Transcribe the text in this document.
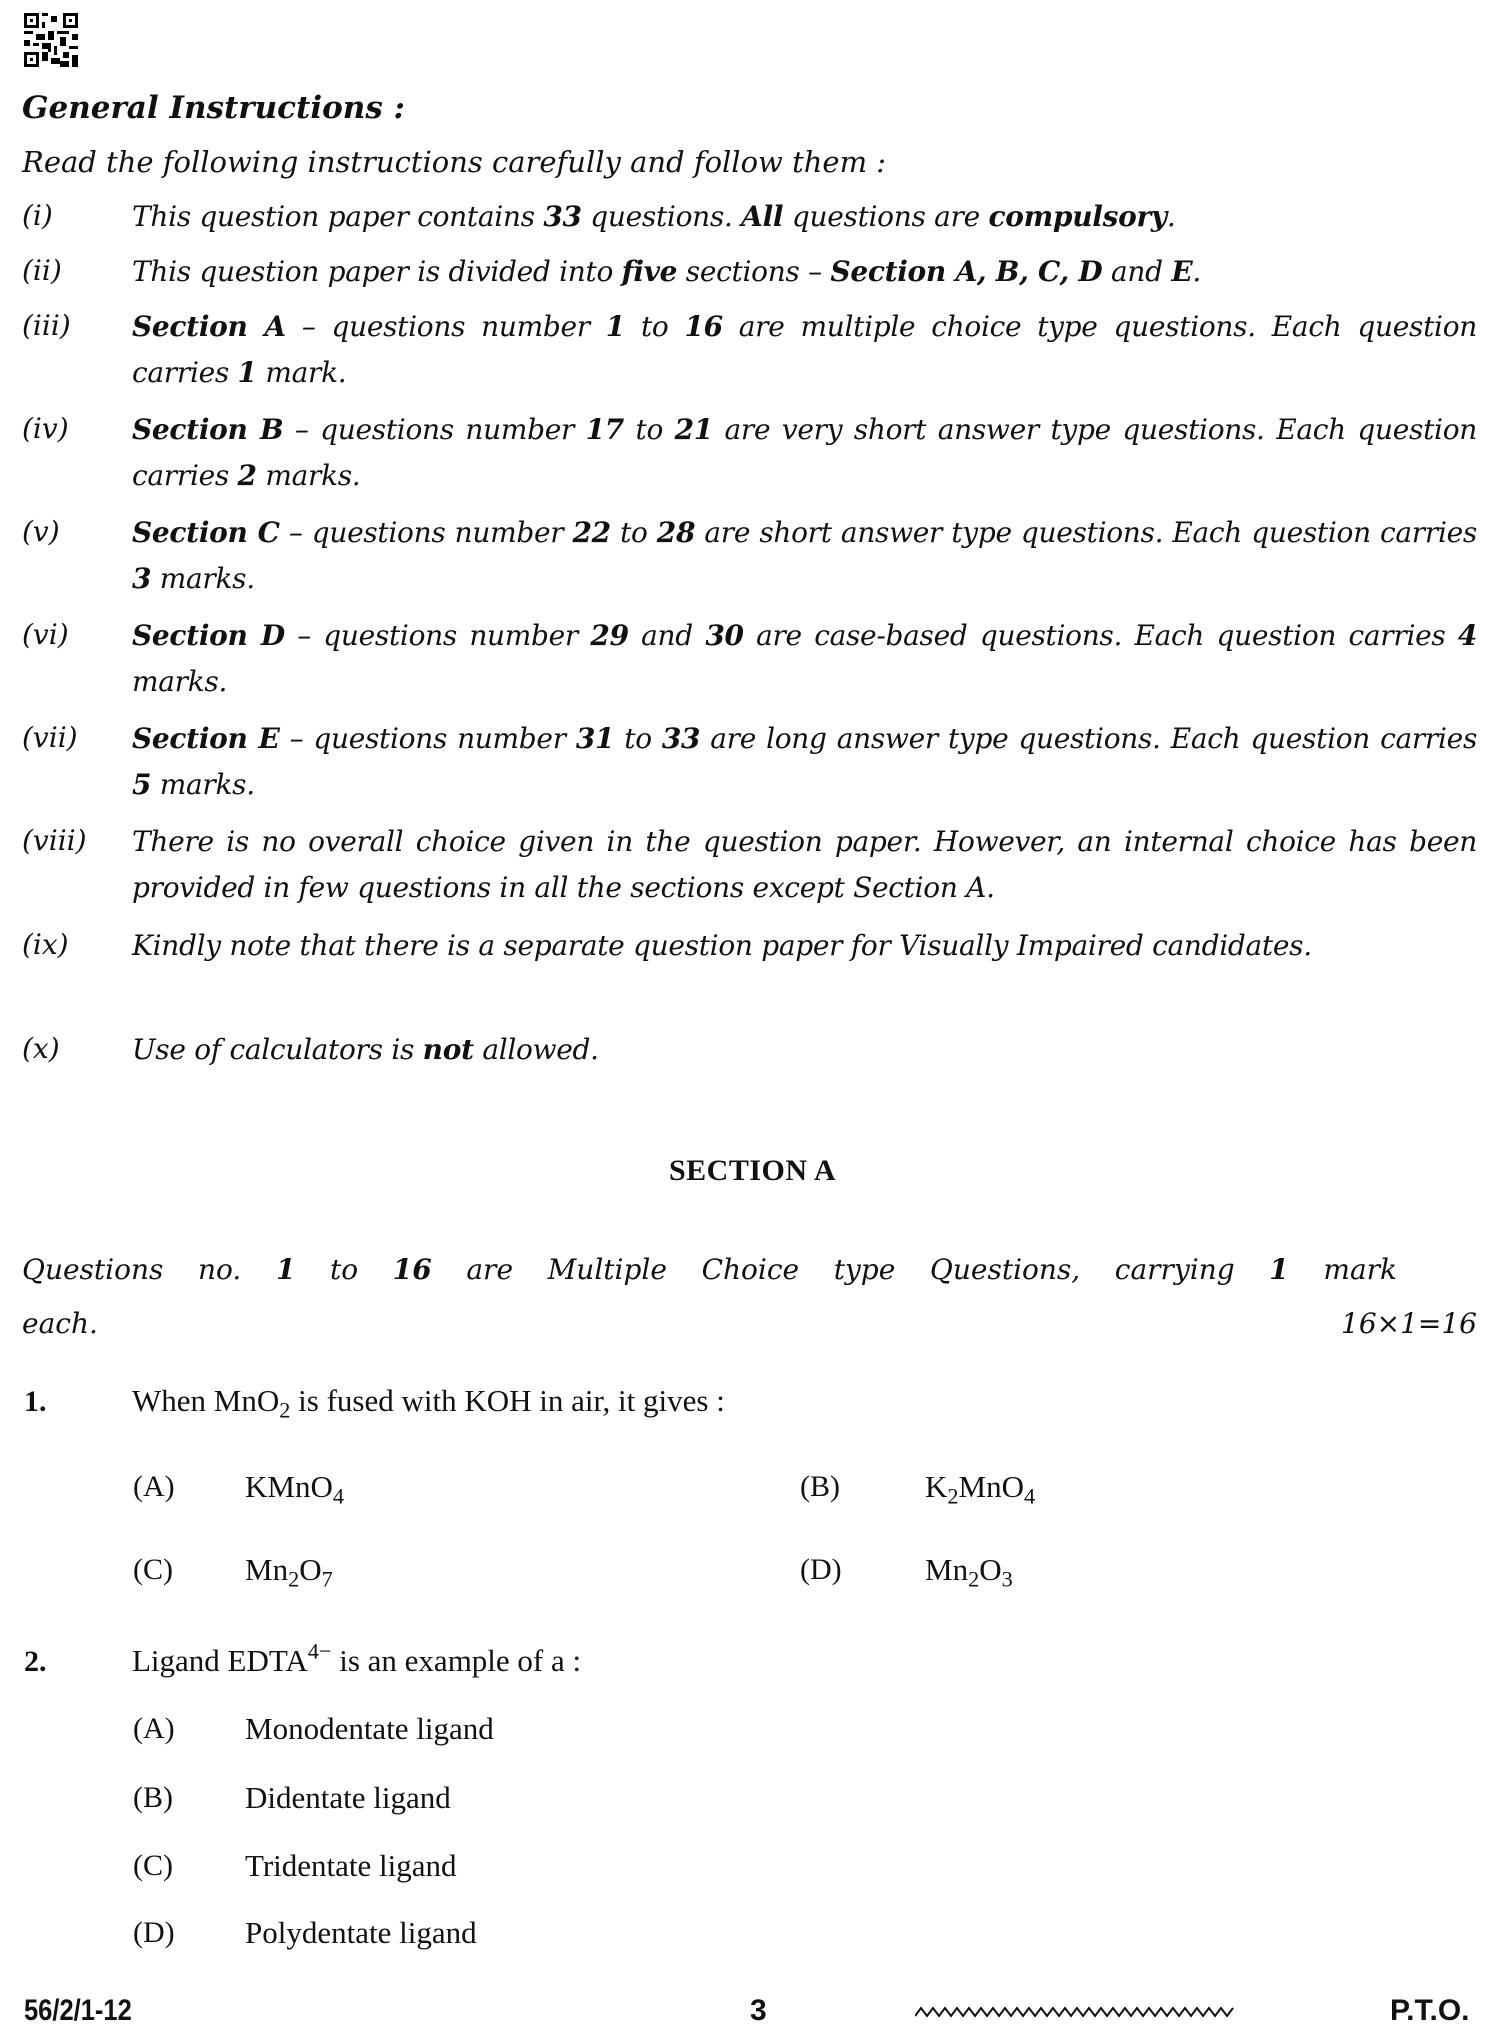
General Instructions :
Read the following instructions carefully and follow them :
(i)	This question paper contains 33 questions. All questions are compulsory.
(ii)	This question paper is divided into five sections – Section A, B, C, D and E.
(iii) Section A – questions number 1 to 16 are multiple choice type questions. Each question carries 1 mark.
(iv) Section B – questions number 17 to 21 are very short answer type questions. Each question carries 2 marks.
(v)	Section C – questions number 22 to 28 are short answer type questions. Each question carries 3 marks.
(vi) Section D – questions number 29 and 30 are case-based questions. Each question carries 4 marks.
(vii) Section E – questions number 31 to 33 are long answer type questions. Each question carries 5 marks.
(viii) There is no overall choice given in the question paper. However, an internal choice has been provided in few questions in all the sections except Section A.
(ix) Kindly note that there is a separate question paper for Visually Impaired candidates.
(x)	Use of calculators is not allowed.
SECTION A
Questions no. 1 to 16 are Multiple Choice type Questions, carrying 1 mark
each.	16×1=16
1.	When MnO$_2$ is fused with KOH in air, it gives :
(A) KMnO$_4$	(B)	$K_2MnO_4$
(C) $Mn_2O_7$	(D)	$Mn_2O_3$
2.	Ligand $EDTA^{4-}$ is an example of a :
(A) Monodentate ligand
(B) Didentate ligand
(C) Tridentate ligand
(D) Polydentate ligand
56/2/1-12	3	P.T.O.
